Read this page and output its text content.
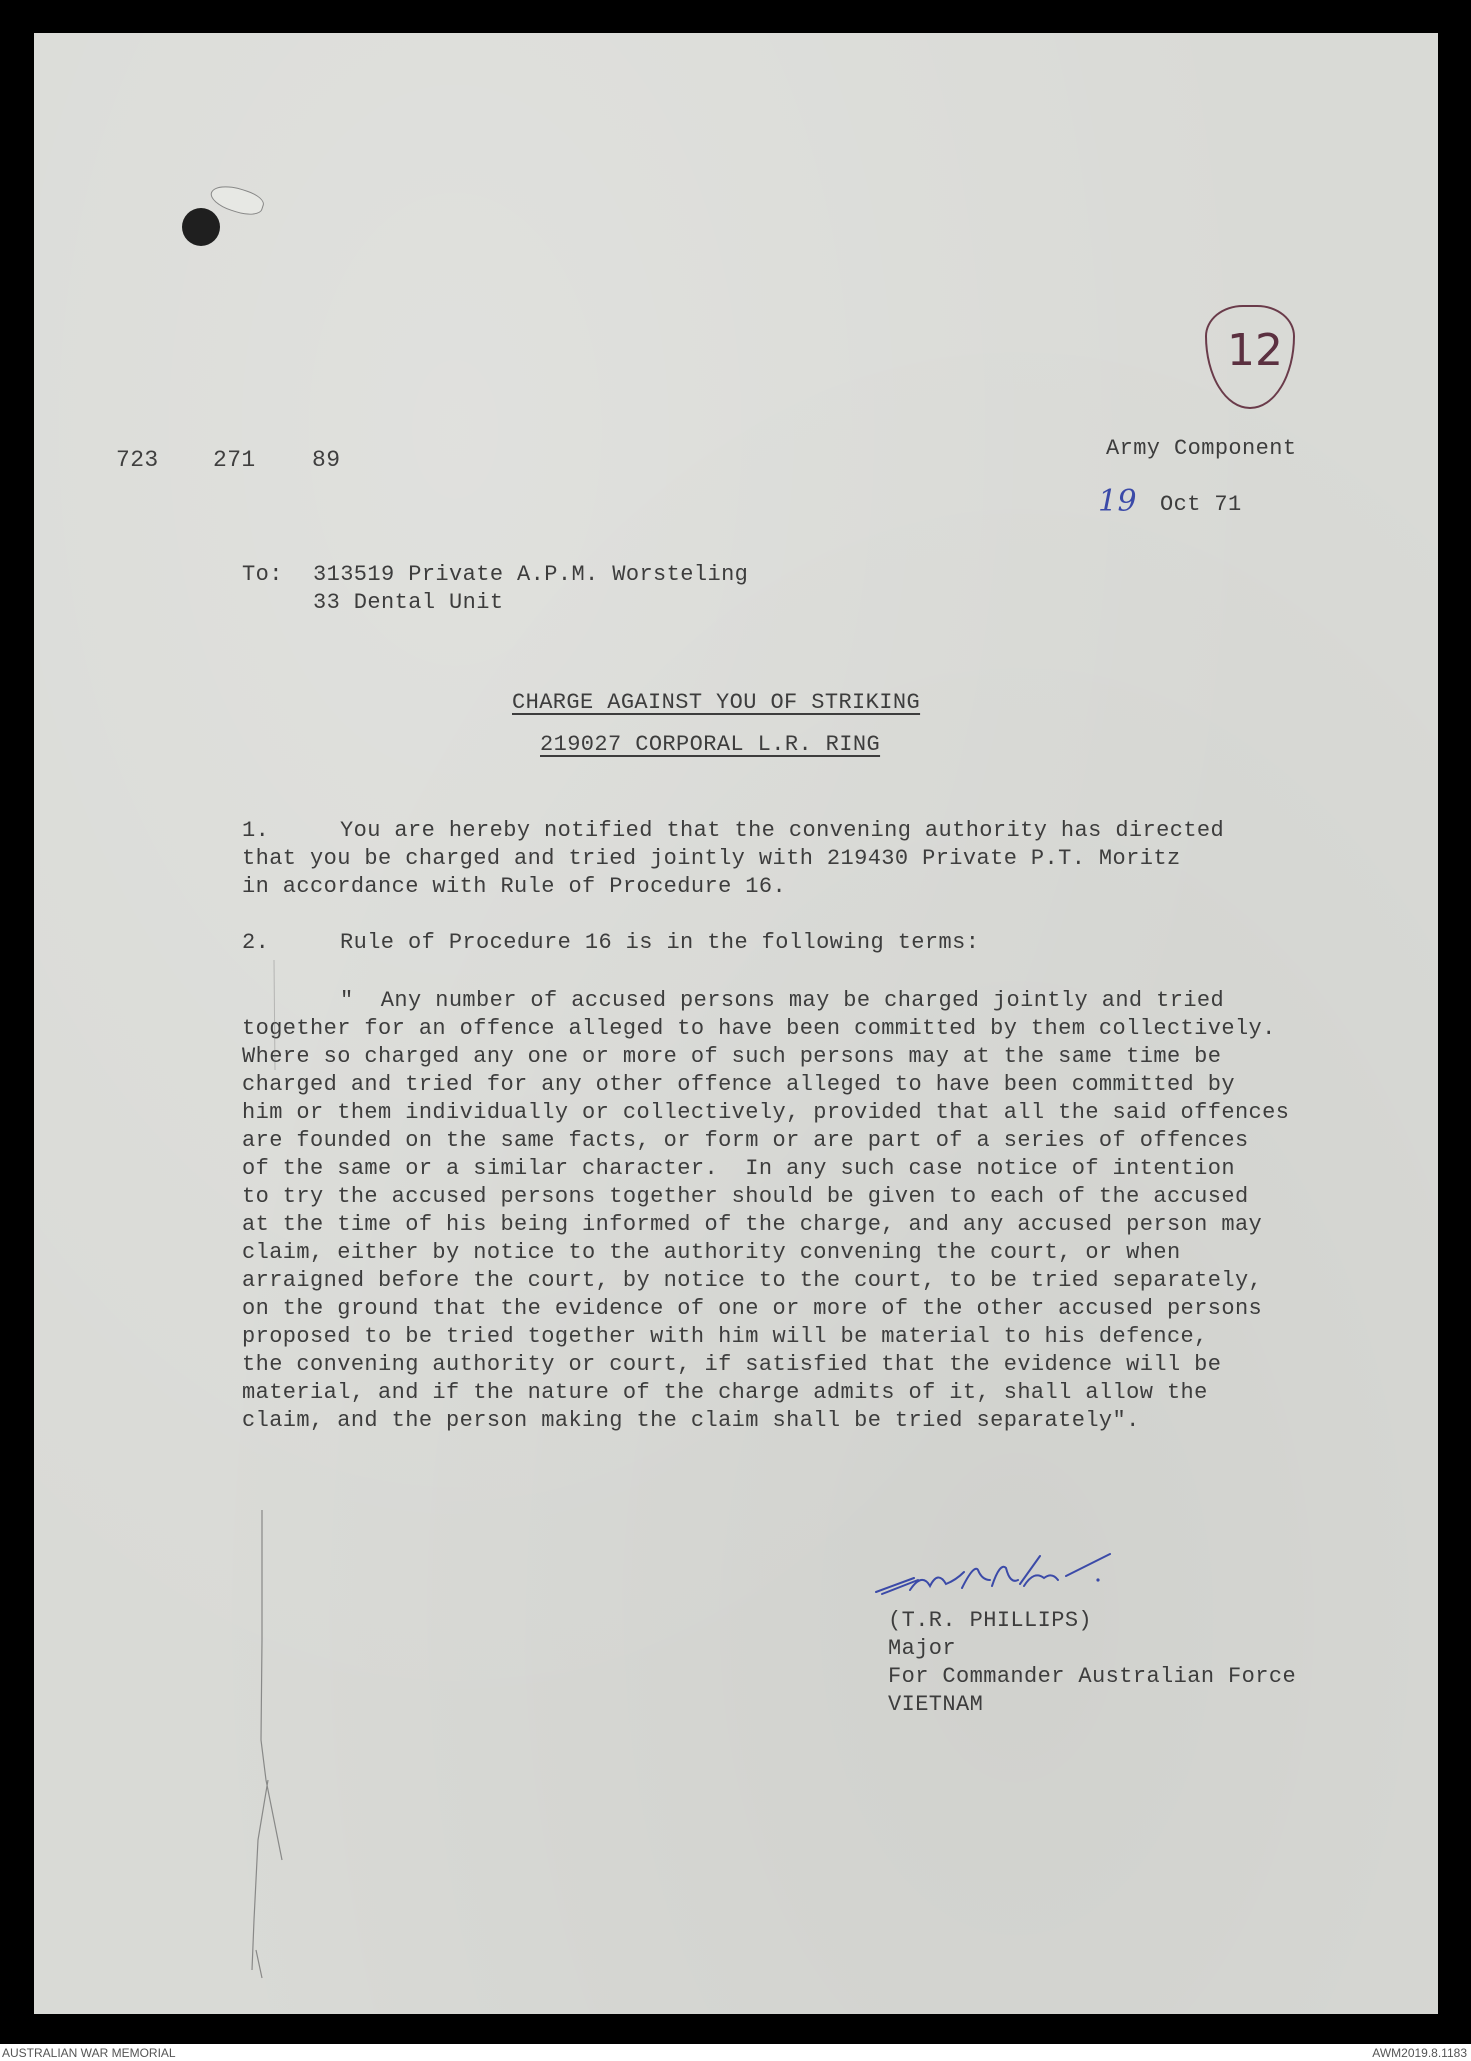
12
723 271 89	Army Component
19 Oct 71
To: 313519 Private A.P.M. Worsteling
33 Dental Unit
CHARGE AGAINST YOU OF STRIKING
219027 CORPORAL L.R. RING
1.	You are hereby notified that the convening authority has directed
that you be charged and tried jointly with 219430 Private P.T. Moritz
in accordance with Rule of Procedure 16.
2.	Rule of Procedure 16 is in the following terms:
"  Any number of accused persons may be charged jointly and tried
together for an offence alleged to have been committed by them collectively.
Where so charged any one or more of such persons may at the same time be
charged and tried for any other offence alleged to have been committed by
him or them individually or collectively, provided that all the said offences
are founded on the same facts, or form or are part of a series of offences
of the same or a similar character.  In any such case notice of intention
to try the accused persons together should be given to each of the accused
at the time of his being informed of the charge, and any accused person may
claim, either by notice to the authority convening the court, or when
arraigned before the court, by notice to the court, to be tried separately,
on the ground that the evidence of one or more of the other accused persons
proposed to be tried together with him will be material to his defence,
the convening authority or court, if satisfied that the evidence will be
material, and if the nature of the charge admits of it, shall allow the
claim, and the person making the claim shall be tried separately".
(T.R. PHILLIPS)
Major
For Commander Australian Force
VIETNAM
AUSTRALIAN WAR MEMORIAL	AWM2019.8.1183
